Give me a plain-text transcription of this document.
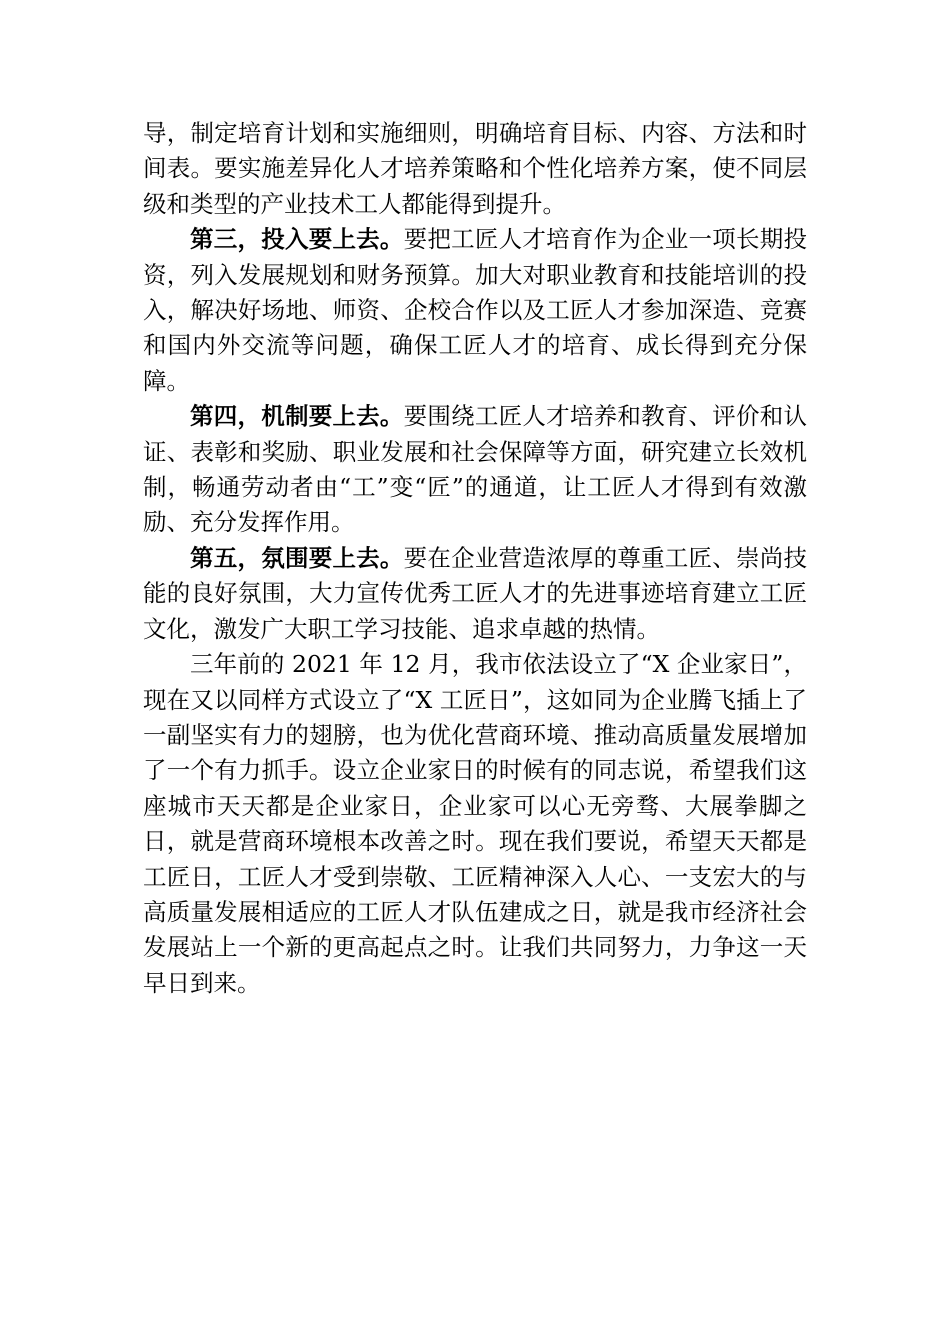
导，制定培育计划和实施细则，明确培育目标、内容、方法和时间表。要实施差异化人才培养策略和个性化培养方案，使不同层级和类型的产业技术工人都能得到提升。

第三，投入要上去。要把工匠人才培育作为企业一项长期投资，列入发展规划和财务预算。加大对职业教育和技能培训的投入，解决好场地、师资、企校合作以及工匠人才参加深造、竞赛和国内外交流等问题，确保工匠人才的培育、成长得到充分保障。

第四，机制要上去。要围绕工匠人才培养和教育、评价和认证、表彰和奖励、职业发展和社会保障等方面，研究建立长效机制，畅通劳动者由“工”变“匠”的通道，让工匠人才得到有效激励、充分发挥作用。

第五，氛围要上去。要在企业营造浓厚的尊重工匠、崇尚技能的良好氛围，大力宣传优秀工匠人才的先进事迹培育建立工匠文化，激发广大职工学习技能、追求卓越的热情。

三年前的 2021 年 12 月，我市依法设立了“X 企业家日”，现在又以同样方式设立了“X 工匠日”，这如同为企业腾飞插上了一副坚实有力的翅膀，也为优化营商环境、推动高质量发展增加了一个有力抓手。设立企业家日的时候有的同志说，希望我们这座城市天天都是企业家日，企业家可以心无旁骛、大展拳脚之日，就是营商环境根本改善之时。现在我们要说，希望天天都是工匠日，工匠人才受到崇敬、工匠精神深入人心、一支宏大的与高质量发展相适应的工匠人才队伍建成之日，就是我市经济社会发展站上一个新的更高起点之时。让我们共同努力，力争这一天早日到来。
